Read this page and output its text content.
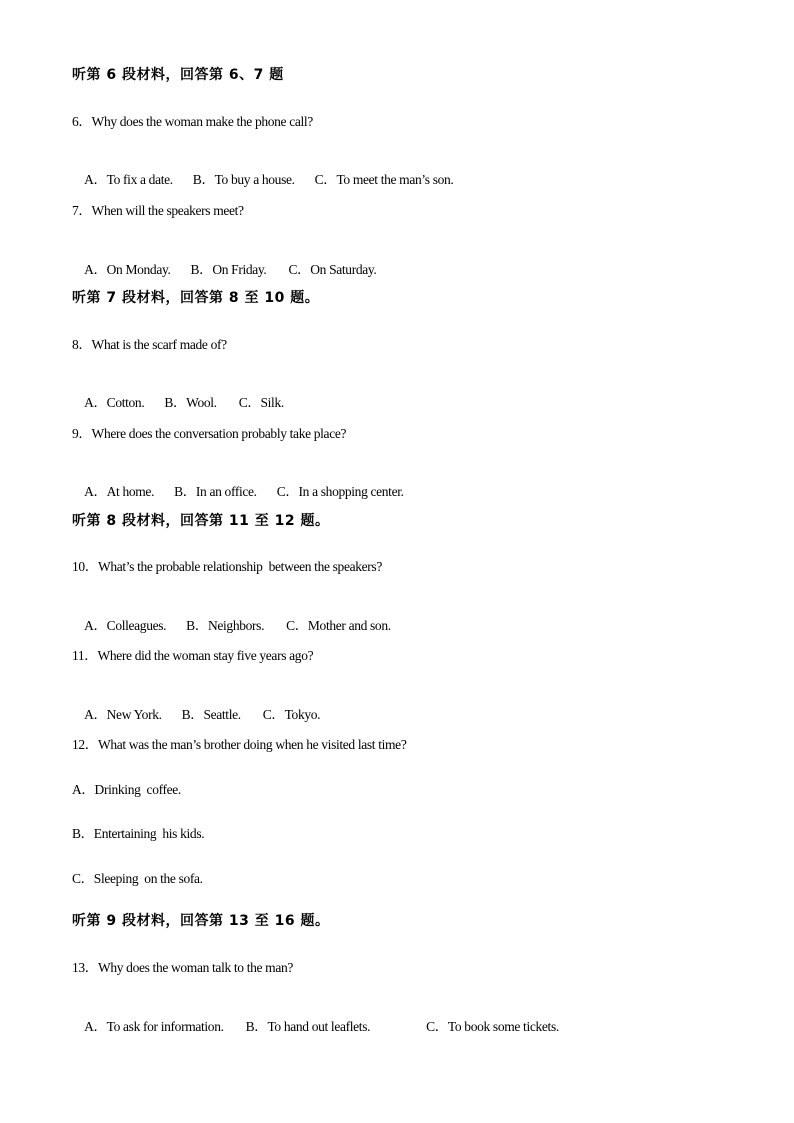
听第 6 段材料，回答第 6、7 题
6．Why does the woman make the phone call?

A．To fix a date. B．To buy a house. C．To meet the man’s son.

7．When will the speakers meet?

A．On Monday. B．On Friday. C．On Saturday.

听第 7 段材料，回答第 8 至 10 题。
8．What is the scarf made of?

A．Cotton. B．Wool. C．Silk.

9．Where does the conversation probably take place?

A．At home. B．In an office. C．In a shopping center.

听第 8 段材料，回答第 11 至 12 题。
10．What’s the probable relationship  between the speakers?

A．Colleagues. B．Neighbors. C．Mother and son.

11．Where did the woman stay five years ago?

A．New York. B．Seattle. C．Tokyo.

12．What was the man’s brother doing when he visited last time?
A．Drinking  coffee.
B．Entertaining  his kids.
C．Sleeping  on the sofa.
听第 9 段材料，回答第 13 至 16 题。
13．Why does the woman talk to the man?

A．To ask for information. B．To hand out leaflets.	C．To book some tickets.
